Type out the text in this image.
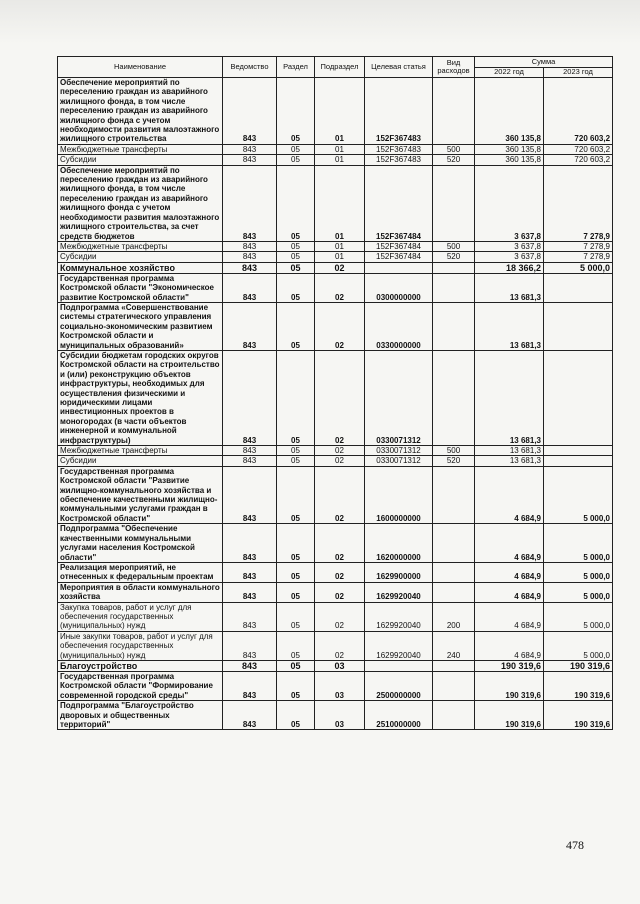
Наименование	Ведомство	Раздел	Подраздел	Целевая статья	Вид расходов	Сумма	
						2022 год	2023 год
Обеспечение мероприятий по переселению граждан из аварийного жилищного фонда, в том числе переселению граждан из аварийного жилищного фонда с учетом необходимости развития малоэтажного жилищного строительства	843	05	01	152F367483		360 135,8	720 603,2
Межбюджетные трансферты	843	05	01	152F367483	500	360 135,8	720 603,2
Субсидии	843	05	01	152F367483	520	360 135,8	720 603,2
Обеспечение мероприятий по переселению граждан из аварийного жилищного фонда, в том числе переселению граждан из аварийного жилищного фонда с учетом необходимости развития малоэтажного жилищного строительства, за счет средств бюджетов	843	05	01	152F367484		3 637,8	7 278,9
Межбюджетные трансферты	843	05	01	152F367484	500	3 637,8	7 278,9
Субсидии	843	05	01	152F367484	520	3 637,8	7 278,9
Коммунальное хозяйство	843	05	02			18 366,2	5 000,0
Государственная программа Костромской области "Экономическое развитие Костромской области"	843	05	02	0300000000		13 681,3	
Подпрограмма «Совершенствование системы стратегического управления социально-экономическим развитием Костромской области и муниципальных образований»	843	05	02	0330000000		13 681,3	
Субсидии бюджетам городских округов Костромской области на строительство и (или) реконструкцию объектов инфраструктуры, необходимых для осуществления физическими и юридическими лицами инвестиционных проектов в моногородах (в части объектов инженерной и коммунальной инфраструктуры)	843	05	02	0330071312		13 681,3	
Межбюджетные трансферты	843	05	02	0330071312	500	13 681,3	
Субсидии	843	05	02	0330071312	520	13 681,3	
Государственная программа Костромской области "Развитие жилищно-коммунального хозяйства и обеспечение качественными жилищно-коммунальными услугами граждан в Костромской области"	843	05	02	1600000000		4 684,9	5 000,0
Подпрограмма "Обеспечение качественными коммунальными услугами населения Костромской области"	843	05	02	1620000000		4 684,9	5 000,0
Реализация мероприятий, не отнесенных к федеральным проектам	843	05	02	1629900000		4 684,9	5 000,0
Мероприятия в области коммунального хозяйства	843	05	02	1629920040		4 684,9	5 000,0
Закупка товаров, работ и услуг для обеспечения государственных (муниципальных) нужд	843	05	02	1629920040	200	4 684,9	5 000,0
Иные закупки товаров, работ и услуг для обеспечения государственных (муниципальных) нужд	843	05	02	1629920040	240	4 684,9	5 000,0
Благоустройство	843	05	03			190 319,6	190 319,6
Государственная программа Костромской области "Формирование современной городской среды"	843	05	03	2500000000		190 319,6	190 319,6
Подпрограмма "Благоустройство дворовых и общественных территорий"	843	05	03	2510000000		190 319,6	190 319,6
478
